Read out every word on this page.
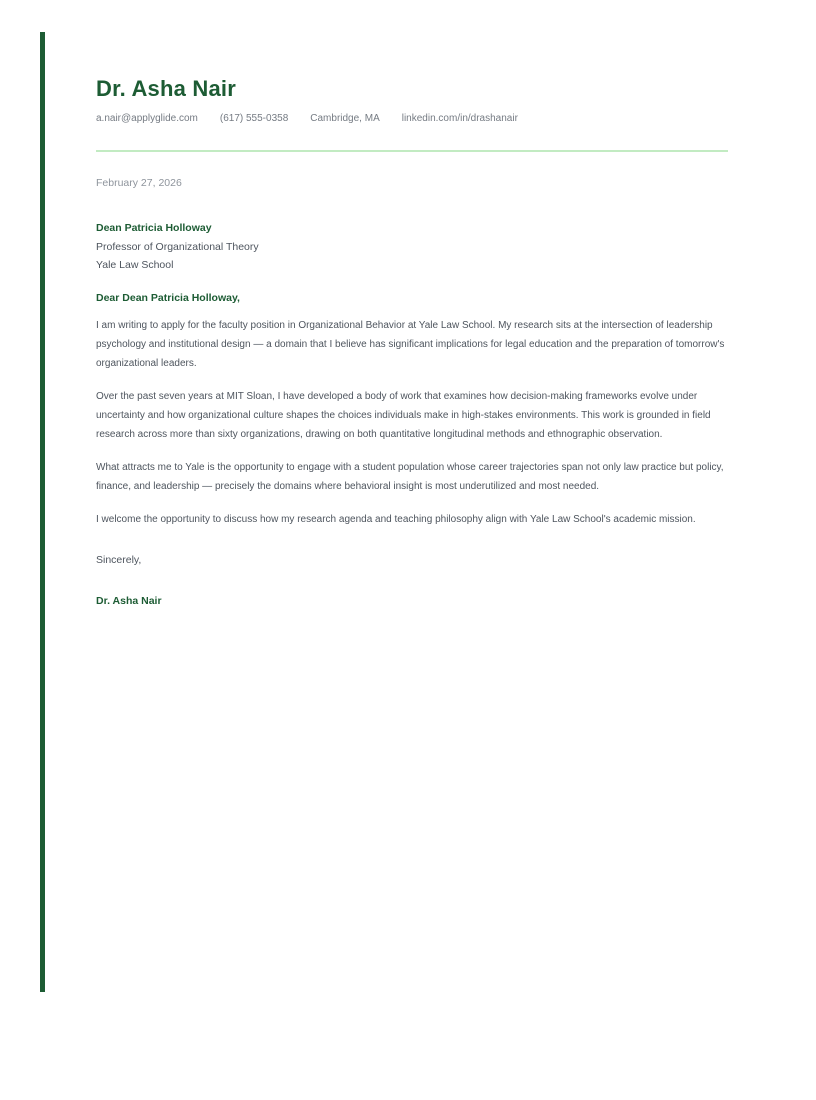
Dr. Asha Nair
a.nair@applyglide.com (617) 555-0358 Cambridge, MA linkedin.com/in/drashanair
February 27, 2026
Dean Patricia Holloway
Professor of Organizational Theory
Yale Law School
Dear Dean Patricia Holloway,

I am writing to apply for the faculty position in Organizational Behavior at Yale Law School. My research sits at the intersection of leadership psychology and institutional design — a domain that I believe has significant implications for legal education and the preparation of tomorrow's organizational leaders.

Over the past seven years at MIT Sloan, I have developed a body of work that examines how decision-making frameworks evolve under uncertainty and how organizational culture shapes the choices individuals make in high-stakes environments. This work is grounded in field research across more than sixty organizations, drawing on both quantitative longitudinal methods and ethnographic observation.

What attracts me to Yale is the opportunity to engage with a student population whose career trajectories span not only law practice but policy, finance, and leadership — precisely the domains where behavioral insight is most underutilized and most needed.

I welcome the opportunity to discuss how my research agenda and teaching philosophy align with Yale Law School's academic mission.

Sincerely,
Dr. Asha Nair
